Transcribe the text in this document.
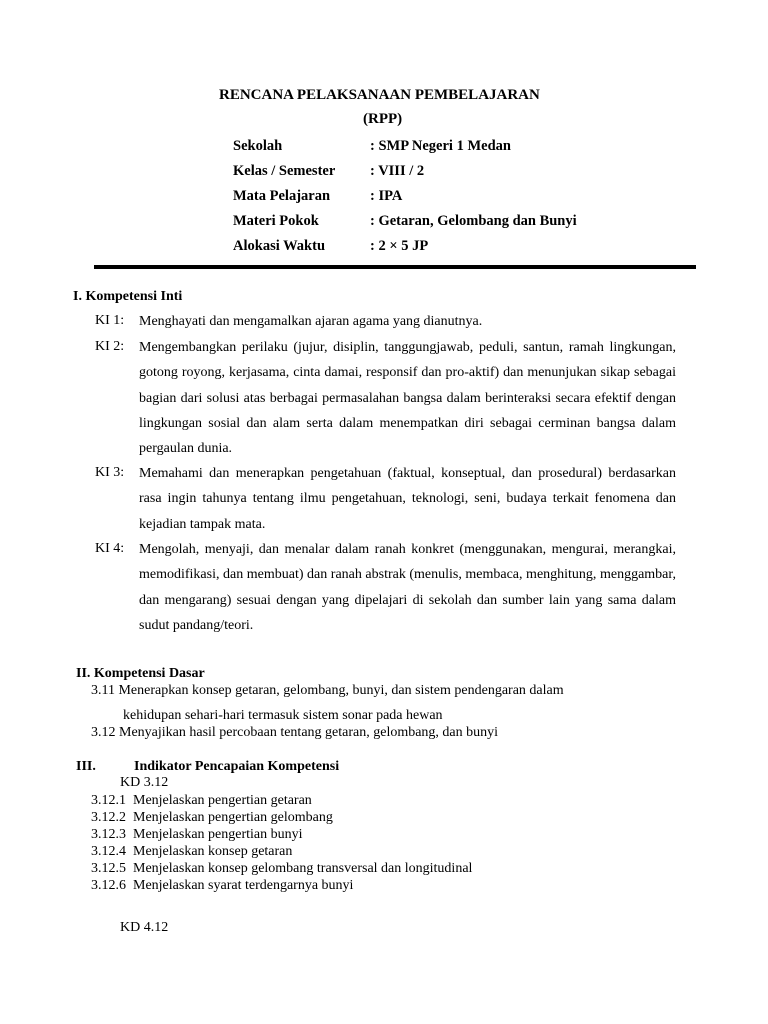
RENCANA PELAKSANAAN PEMBELAJARAN
(RPP)
Sekolah	: SMP Negeri 1 Medan
Kelas / Semester : VIII / 2
Mata Pelajaran	: IPA
Materi Pokok	: Getaran, Gelombang dan Bunyi
Alokasi Waktu	: 2 × 5 JP
I. Kompetensi Inti
KI 1: Menghayati dan mengamalkan ajaran agama yang dianutnya.
KI 2: Mengembangkan perilaku (jujur, disiplin, tanggungjawab, peduli, santun, ramah lingkungan, gotong royong, kerjasama, cinta damai, responsif dan pro-aktif) dan menunjukan sikap sebagai bagian dari solusi atas berbagai permasalahan bangsa dalam berinteraksi secara efektif dengan lingkungan sosial dan alam serta dalam menempatkan diri sebagai cerminan bangsa dalam pergaulan dunia.
KI 3: Memahami dan menerapkan pengetahuan (faktual, konseptual, dan prosedural) berdasarkan rasa ingin tahunya tentang ilmu pengetahuan, teknologi, seni, budaya terkait fenomena dan kejadian tampak mata.
KI 4: Mengolah, menyaji, dan menalar dalam ranah konkret (menggunakan, mengurai, merangkai, memodifikasi, dan membuat) dan ranah abstrak (menulis, membaca, menghitung, menggambar, dan mengarang) sesuai dengan yang dipelajari di sekolah dan sumber lain yang sama dalam sudut pandang/teori.
II. Kompetensi Dasar
3.11 Menerapkan konsep getaran, gelombang, bunyi, dan sistem pendengaran dalam
kehidupan sehari-hari termasuk sistem sonar pada hewan
3.12 Menyajikan hasil percobaan tentang getaran, gelombang, dan bunyi
III.	Indikator Pencapaian Kompetensi
KD 3.12
3.12.1 Menjelaskan pengertian getaran
3.12.2 Menjelaskan pengertian gelombang
3.12.3 Menjelaskan pengertian bunyi
3.12.4 Menjelaskan konsep getaran
3.12.5 Menjelaskan konsep gelombang transversal dan longitudinal
3.12.6 Menjelaskan syarat terdengarnya bunyi
KD 4.12
